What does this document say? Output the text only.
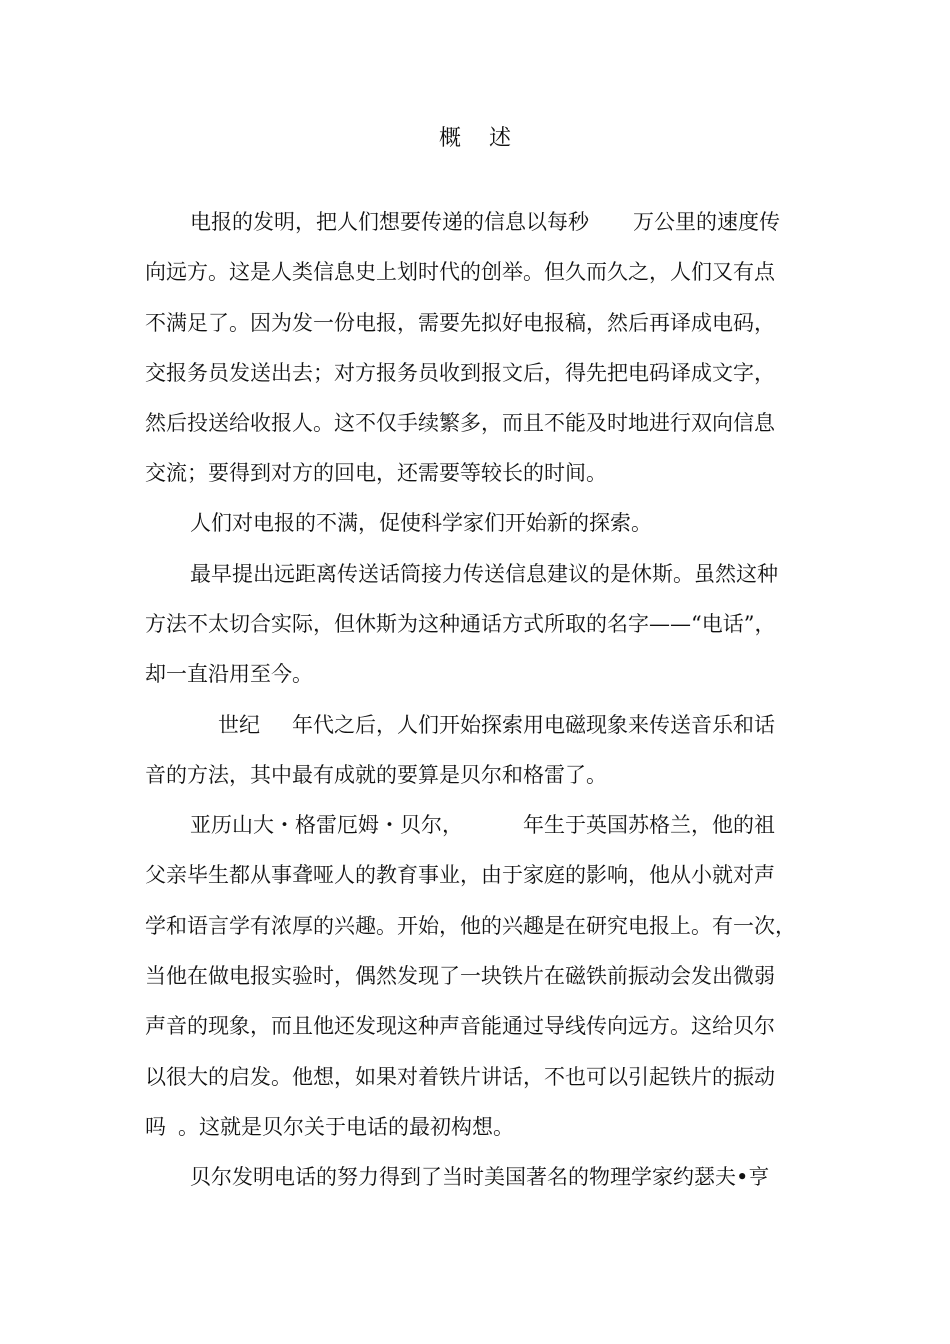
概 述
电报的发明，把人们想要传递的信息以每秒 万公里的速度传
向远方。这是人类信息史上划时代的创举。但久而久之，人们又有点
不满足了。因为发一份电报，需要先拟好电报稿，然后再译成电码，
交报务员发送出去；对方报务员收到报文后，得先把电码译成文字，
然后投送给收报人。这不仅手续繁多，而且不能及时地进行双向信息
交流；要得到对方的回电，还需要等较长的时间。
人们对电报的不满，促使科学家们开始新的探索。
最早提出远距离传送话筒接力传送信息建议的是休斯。虽然这种
方法不太切合实际，但休斯为这种通话方式所取的名字——“电话”，
却一直沿用至今。
世纪 年代之后，人们开始探索用电磁现象来传送音乐和话
音的方法，其中最有成就的要算是贝尔和格雷了。
亚历山大・格雷厄姆・贝尔，	年生于英国苏格兰，他的祖
父亲毕生都从事聋哑人的教育事业，由于家庭的影响，他从小就对声
学和语言学有浓厚的兴趣。开始，他的兴趣是在研究电报上。有一次，
当他在做电报实验时，偶然发现了一块铁片在磁铁前振动会发出微弱
声音的现象，而且他还发现这种声音能通过导线传向远方。这给贝尔
以很大的启发。他想，如果对着铁片讲话，不也可以引起铁片的振动
吗 。这就是贝尔关于电话的最初构想。
贝尔发明电话的努力得到了当时美国著名的物理学家约瑟夫•亨
